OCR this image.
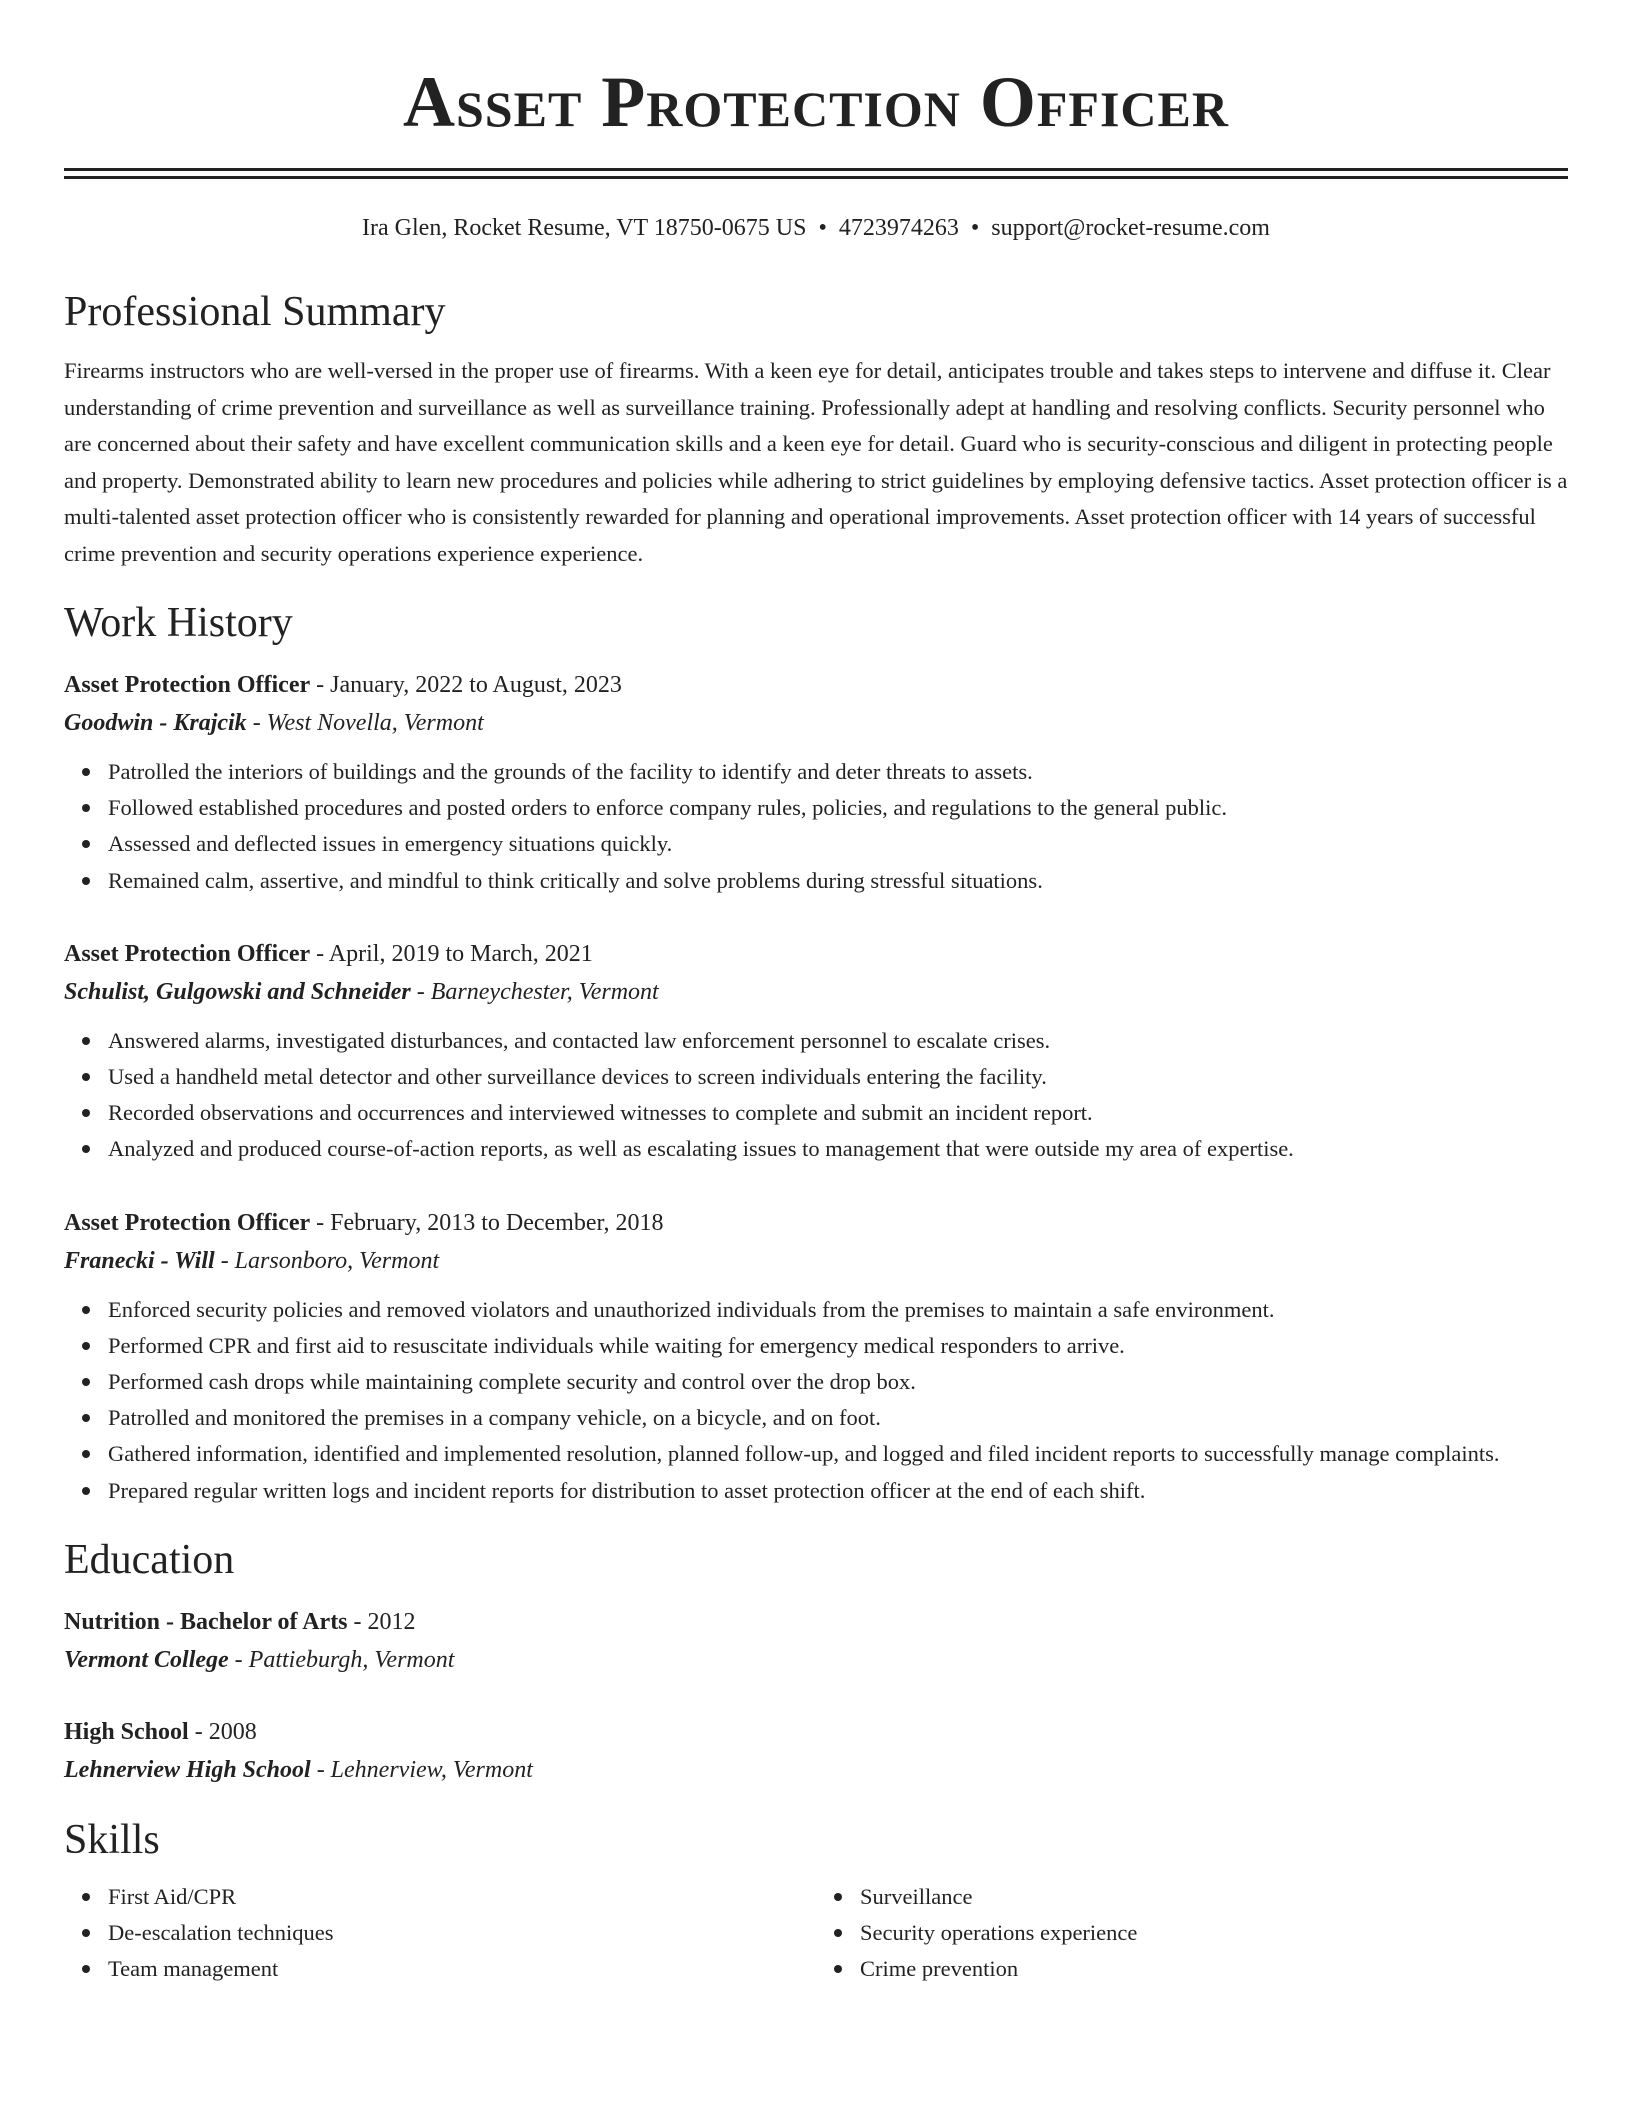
Asset Protection Officer
Ira Glen, Rocket Resume, VT 18750-0675 US • 4723974263 • support@rocket-resume.com
Professional Summary
Firearms instructors who are well-versed in the proper use of firearms. With a keen eye for detail, anticipates trouble and takes steps to intervene and diffuse it. Clear understanding of crime prevention and surveillance as well as surveillance training. Professionally adept at handling and resolving conflicts. Security personnel who are concerned about their safety and have excellent communication skills and a keen eye for detail. Guard who is security-conscious and diligent in protecting people and property. Demonstrated ability to learn new procedures and policies while adhering to strict guidelines by employing defensive tactics. Asset protection officer is a multi-talented asset protection officer who is consistently rewarded for planning and operational improvements. Asset protection officer with 14 years of successful crime prevention and security operations experience experience.
Work History
Asset Protection Officer - January, 2022 to August, 2023
Goodwin - Krajcik - West Novella, Vermont
Patrolled the interiors of buildings and the grounds of the facility to identify and deter threats to assets.
Followed established procedures and posted orders to enforce company rules, policies, and regulations to the general public.
Assessed and deflected issues in emergency situations quickly.
Remained calm, assertive, and mindful to think critically and solve problems during stressful situations.
Asset Protection Officer - April, 2019 to March, 2021
Schulist, Gulgowski and Schneider - Barneychester, Vermont
Answered alarms, investigated disturbances, and contacted law enforcement personnel to escalate crises.
Used a handheld metal detector and other surveillance devices to screen individuals entering the facility.
Recorded observations and occurrences and interviewed witnesses to complete and submit an incident report.
Analyzed and produced course-of-action reports, as well as escalating issues to management that were outside my area of expertise.
Asset Protection Officer - February, 2013 to December, 2018
Franecki - Will - Larsonboro, Vermont
Enforced security policies and removed violators and unauthorized individuals from the premises to maintain a safe environment.
Performed CPR and first aid to resuscitate individuals while waiting for emergency medical responders to arrive.
Performed cash drops while maintaining complete security and control over the drop box.
Patrolled and monitored the premises in a company vehicle, on a bicycle, and on foot.
Gathered information, identified and implemented resolution, planned follow-up, and logged and filed incident reports to successfully manage complaints.
Prepared regular written logs and incident reports for distribution to asset protection officer at the end of each shift.
Education
Nutrition - Bachelor of Arts - 2012
Vermont College - Pattieburgh, Vermont
High School - 2008
Lehnerview High School - Lehnerview, Vermont
Skills
First Aid/CPR
De-escalation techniques
Team management
Surveillance
Security operations experience
Crime prevention
